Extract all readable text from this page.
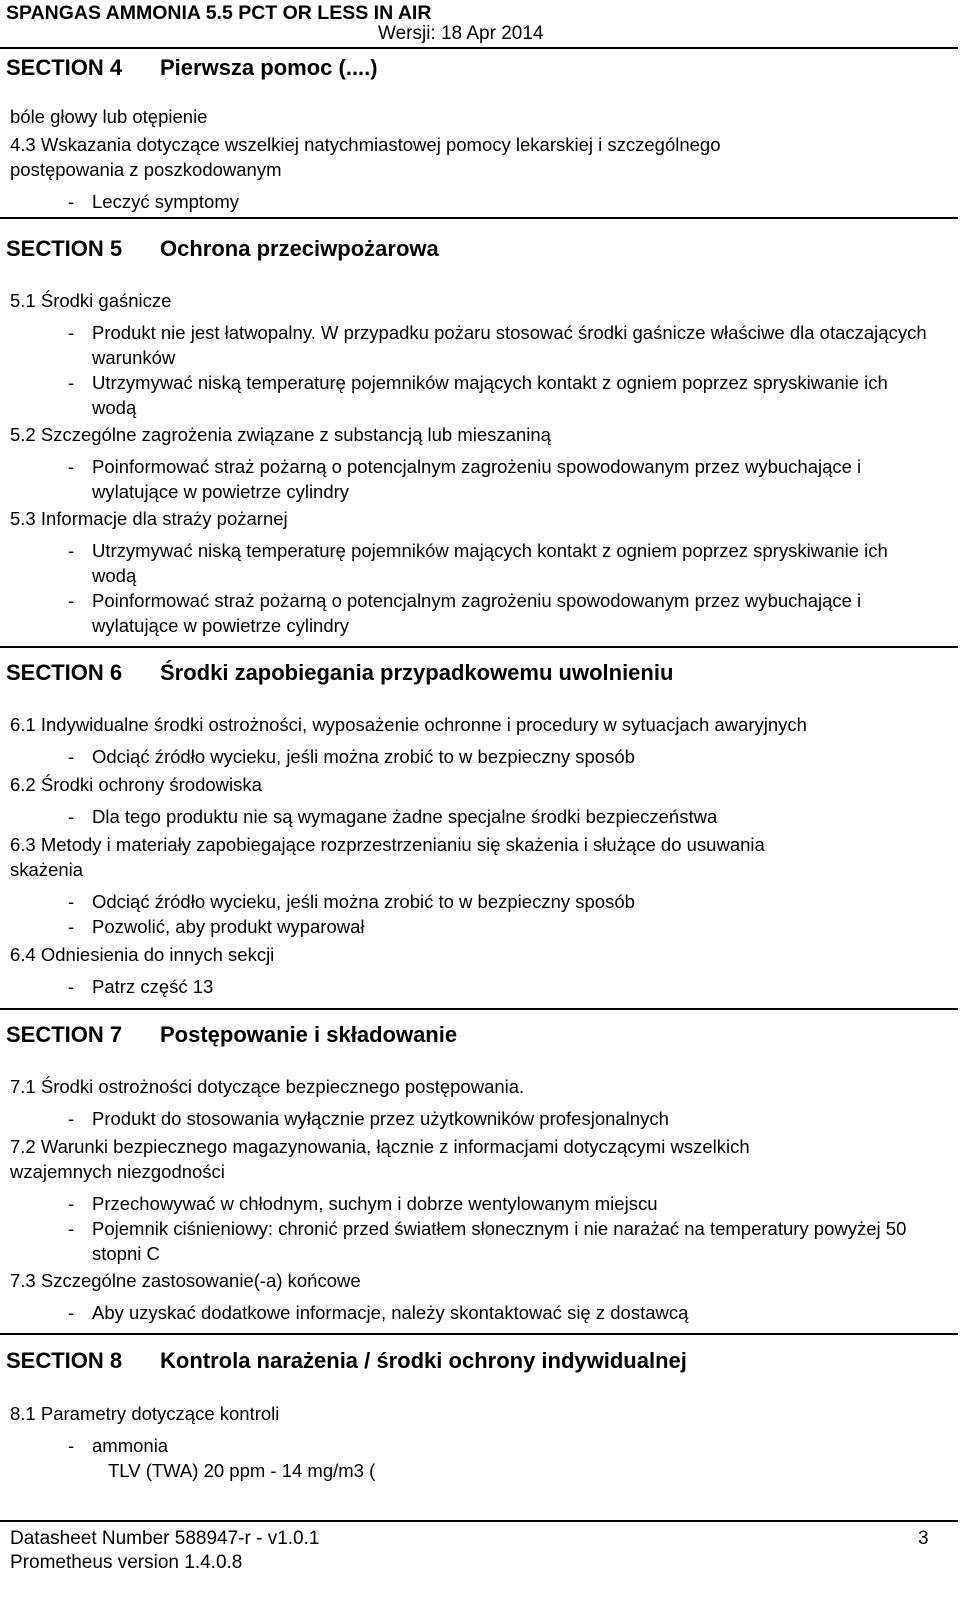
SPANGAS AMMONIA 5.5 PCT OR LESS IN AIR
Wersji: 18 Apr 2014
SECTION 4 Pierwsza pomoc (....)
bóle głowy lub otępienie
4.3 Wskazania dotyczące wszelkiej natychmiastowej pomocy lekarskiej i szczególnego
postępowania z poszkodowanym
- Leczyć symptomy
SECTION 5 Ochrona przeciwpożarowa
5.1 Środki gaśnicze
- Produkt nie jest łatwopalny. W przypadku pożaru stosować środki gaśnicze właściwe dla otaczających warunków
- Utrzymywać niską temperaturę pojemników mających kontakt z ogniem poprzez spryskiwanie ich wodą
5.2 Szczególne zagrożenia związane z substancją lub mieszaniną
- Poinformować straż pożarną o potencjalnym zagrożeniu spowodowanym przez wybuchające i wylatujące w powietrze cylindry
5.3 Informacje dla straży pożarnej
- Utrzymywać niską temperaturę pojemników mających kontakt z ogniem poprzez spryskiwanie ich wodą
- Poinformować straż pożarną o potencjalnym zagrożeniu spowodowanym przez wybuchające i wylatujące w powietrze cylindry
SECTION 6 Środki zapobiegania przypadkowemu uwolnieniu
6.1 Indywidualne środki ostrożności, wyposażenie ochronne i procedury w sytuacjach awaryjnych
- Odciąć źródło wycieku, jeśli można zrobić to w bezpieczny sposób
6.2 Środki ochrony środowiska
- Dla tego produktu nie są wymagane żadne specjalne środki bezpieczeństwa
6.3 Metody i materiały zapobiegające rozprzestrzenianiu się skażenia i służące do usuwania
skażenia
- Odciąć źródło wycieku, jeśli można zrobić to w bezpieczny sposób
- Pozwolić, aby produkt wyparował
6.4 Odniesienia do innych sekcji
- Patrz część 13
SECTION 7 Postępowanie i składowanie
7.1 Środki ostrożności dotyczące bezpiecznego postępowania.
- Produkt do stosowania wyłącznie przez użytkowników profesjonalnych
7.2 Warunki bezpiecznego magazynowania, łącznie z informacjami dotyczącymi wszelkich
wzajemnych niezgodności
- Przechowywać w chłodnym, suchym i dobrze wentylowanym miejscu
- Pojemnik ciśnieniowy: chronić przed światłem słonecznym i nie narażać na temperatury powyżej 50 stopni C
7.3 Szczególne zastosowanie(-a) końcowe
- Aby uzyskać dodatkowe informacje, należy skontaktować się z dostawcą
SECTION 8 Kontrola narażenia / środki ochrony indywidualnej
8.1 Parametry dotyczące kontroli
- ammonia
TLV (TWA) 20 ppm - 14 mg/m3 (
Datasheet Number 588947-r - v1.0.1
Prometheus version 1.4.0.8
3
